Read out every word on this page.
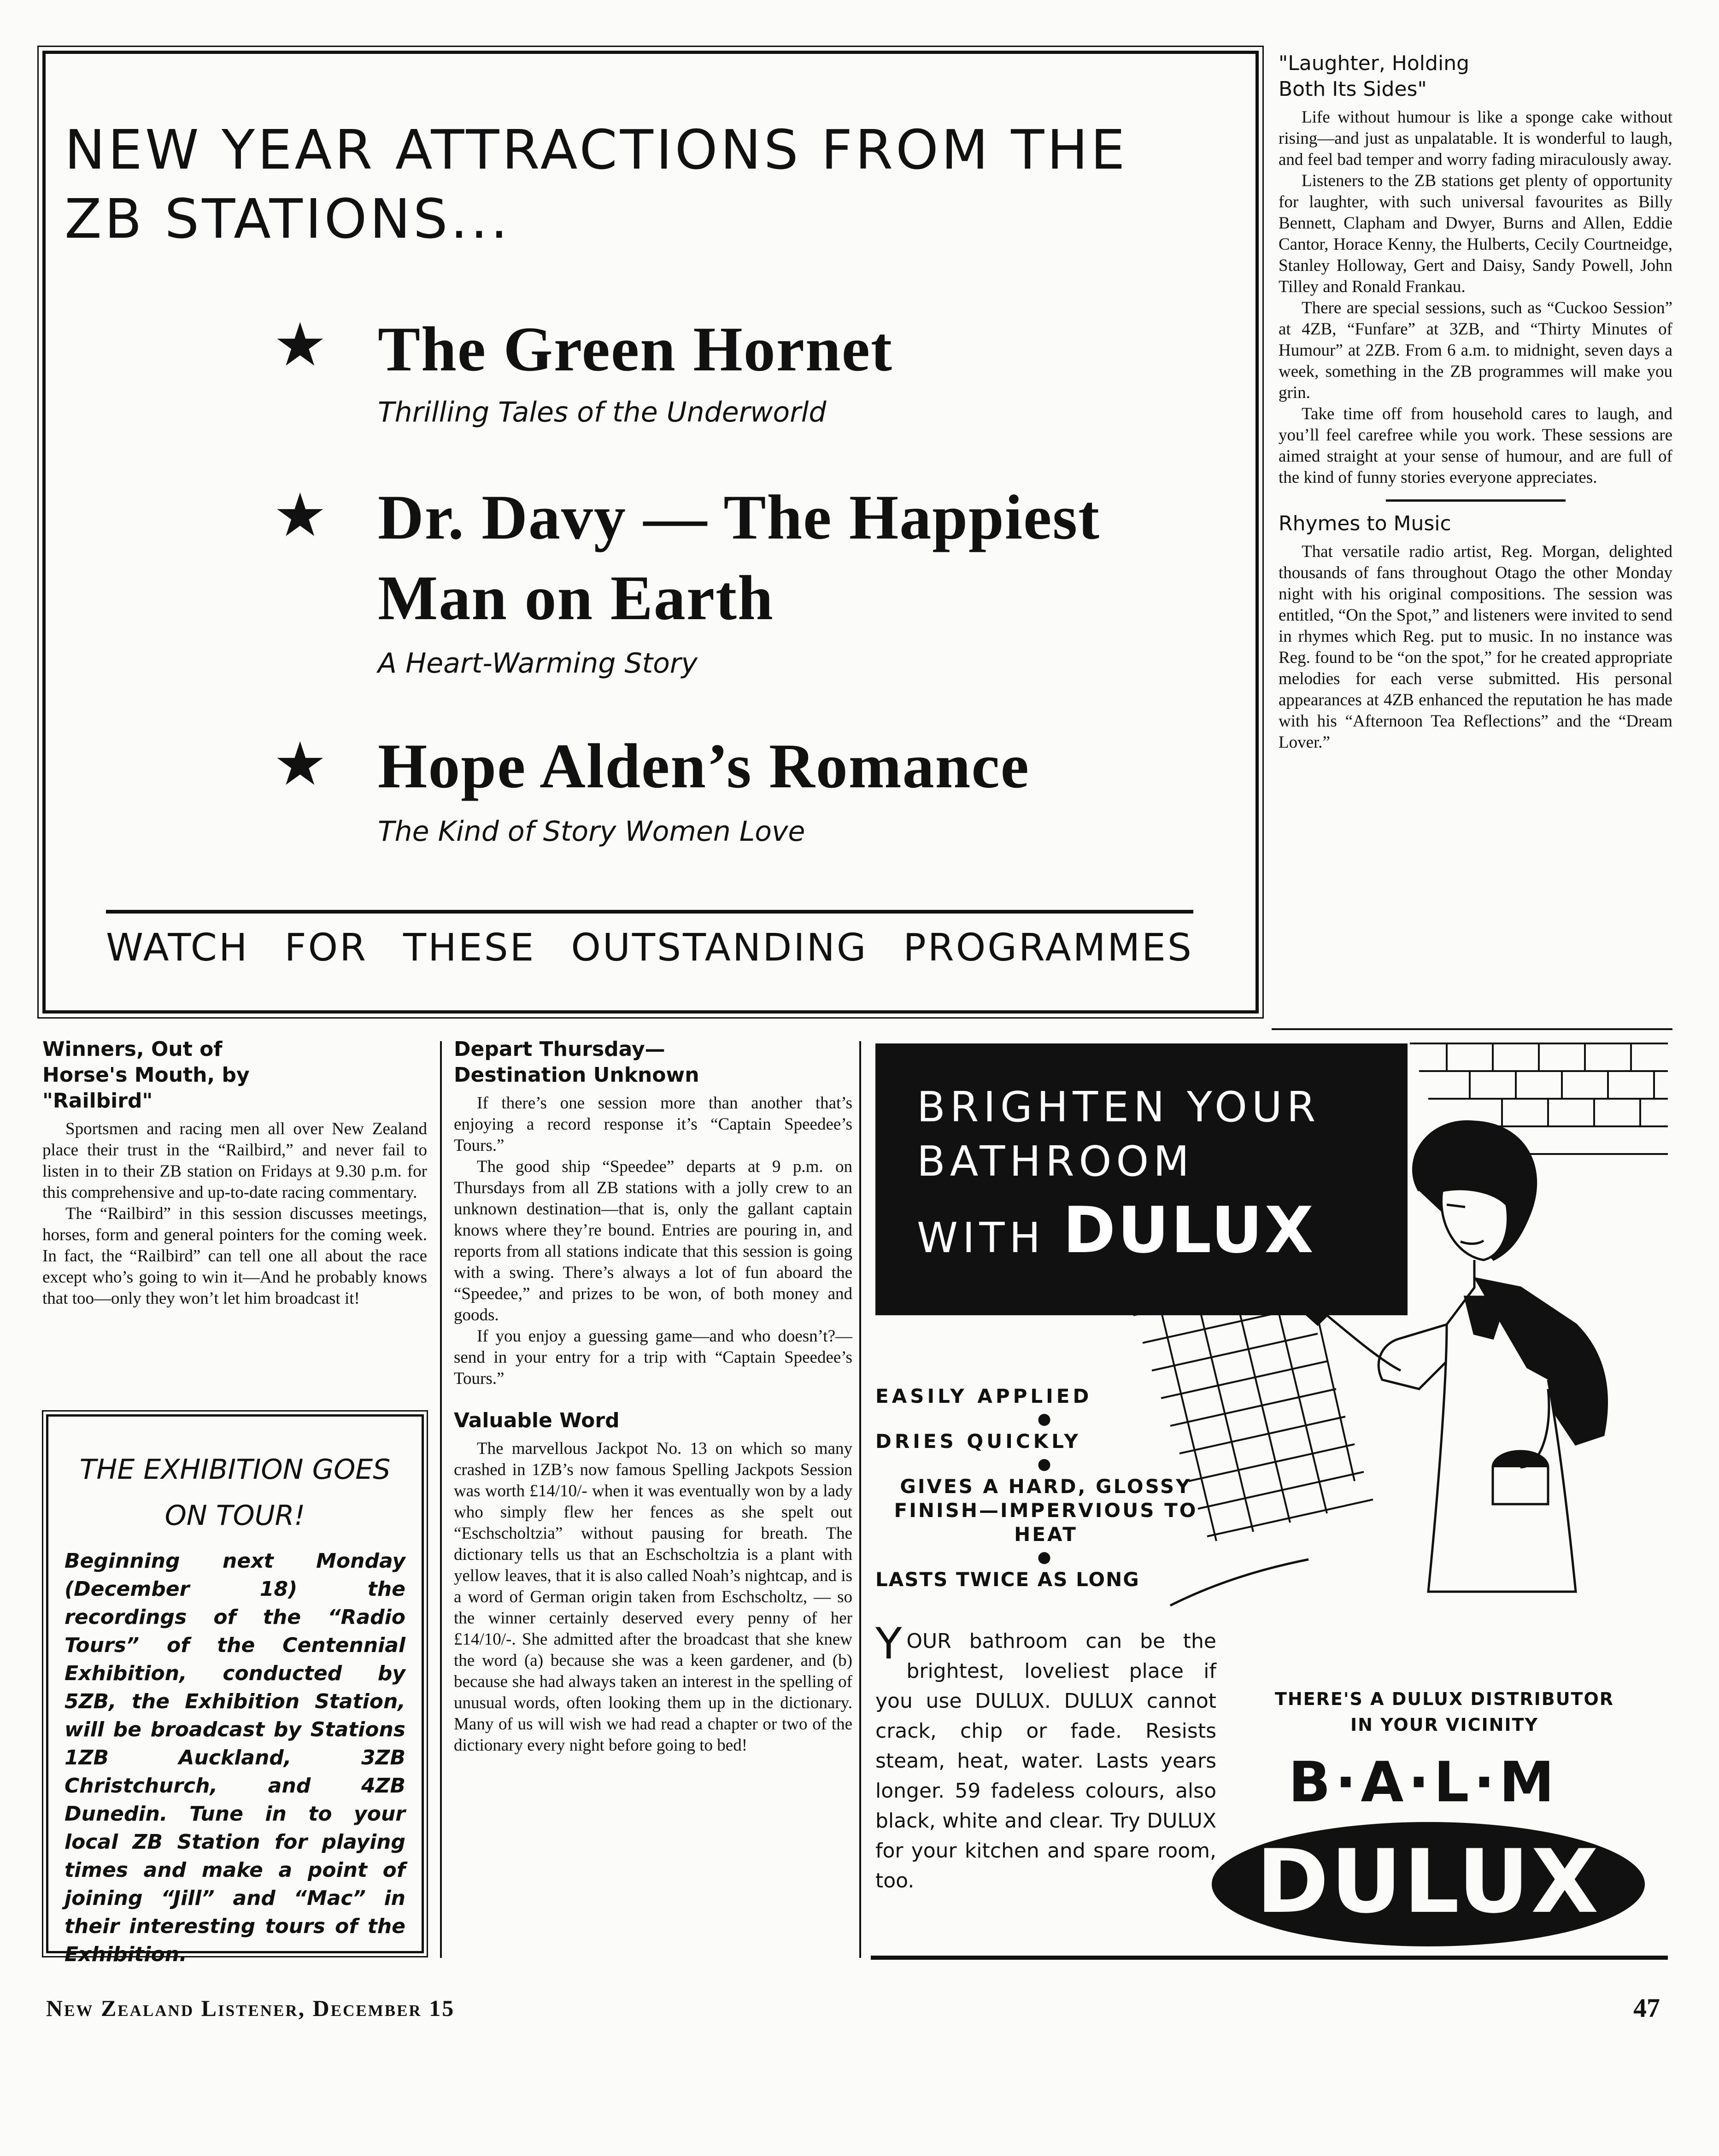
NEW YEAR ATTRACTIONS FROM THE
ZB STATIONS...
★ The Green Hornet
Thrilling Tales of the Underworld
★ Dr. Davy — The Happiest
Man on Earth
A Heart-Warming Story
★ Hope Alden’s Romance
The Kind of Story Women Love
WATCH FOR THESE OUTSTANDING PROGRAMMES
"Laughter, Holding
Both Its Sides"

Life without humour is like a sponge cake without rising—and just as unpalatable. It is wonderful to laugh, and feel bad temper and worry fading miraculously away.

Listeners to the ZB stations get plenty of opportunity for laughter, with such universal favourites as Billy Bennett, Clapham and Dwyer, Burns and Allen, Eddie Cantor, Horace Kenny, the Hulberts, Cecily Courtneidge, Stanley Holloway, Gert and Daisy, Sandy Powell, John Tilley and Ronald Frankau.

There are special sessions, such as “Cuckoo Session” at 4ZB, “Funfare” at 3ZB, and “Thirty Minutes of Humour” at 2ZB. From 6 a.m. to midnight, seven days a week, something in the ZB programmes will make you grin.

Take time off from household cares to laugh, and you’ll feel carefree while you work. These sessions are aimed straight at your sense of humour, and are full of the kind of funny stories everyone appreciates.

Rhymes to Music

That versatile radio artist, Reg. Morgan, delighted thousands of fans throughout Otago the other Monday night with his original compositions. The session was entitled, “On the Spot,” and listeners were invited to send in rhymes which Reg. put to music. In no instance was Reg. found to be “on the spot,” for he created appropriate melodies for each verse submitted. His personal appearances at 4ZB enhanced the reputation he has made with his “Afternoon Tea Reflections” and the “Dream Lover.”

Winners, Out of
Horse's Mouth, by
"Railbird"

Sportsmen and racing men all over New Zealand place their trust in the “Railbird,” and never fail to listen in to their ZB station on Fridays at 9.30 p.m. for this comprehensive and up-to-date racing commentary.

The “Railbird” in this session discusses meetings, horses, form and general pointers for the coming week. In fact, the “Railbird” can tell one all about the race except who’s going to win it—And he probably knows that too—only they won’t let him broadcast it!

THE EXHIBITION GOES
ON TOUR!
Beginning next Monday (December 18) the recordings of the “Radio Tours” of the Centennial Exhibition, conducted by 5ZB, the Exhibition Station, will be broadcast by Stations 1ZB Auckland, 3ZB Christchurch, and 4ZB Dunedin. Tune in to your local ZB Station for playing times and make a point of joining “Jill” and “Mac” in their interesting tours of the Exhibition.
Depart Thursday—
Destination Unknown

If there’s one session more than another that’s enjoying a record response it’s “Captain Speedee’s Tours.”

The good ship “Speedee” departs at 9 p.m. on Thursdays from all ZB stations with a jolly crew to an unknown destination—that is, only the gallant captain knows where they’re bound. Entries are pouring in, and reports from all stations indicate that this session is going with a swing. There’s always a lot of fun aboard the “Speedee,” and prizes to be won, of both money and goods.

If you enjoy a guessing game—and who doesn’t?—send in your entry for a trip with “Captain Speedee’s Tours.”

Valuable Word

The marvellous Jackpot No. 13 on which so many crashed in 1ZB’s now famous Spelling Jackpots Session was worth £14/10/- when it was eventually won by a lady who simply flew her fences as she spelt out “Eschscholtzia” without pausing for breath. The dictionary tells us that an Eschscholtzia is a plant with yellow leaves, that it is also called Noah’s nightcap, and is a word of German origin taken from Eschscholtz, — so the winner certainly deserved every penny of her £14/10/-. She admitted after the broadcast that she knew the word (a) because she was a keen gardener, and (b) because she had always taken an interest in the spelling of unusual words, often looking them up in the dictionary. Many of us will wish we had read a chapter or two of the dictionary every night before going to bed!

BRIGHTEN YOUR
BATHROOM
WITH DULUX
EASILY APPLIED
●
DRIES QUICKLY
●
GIVES A HARD, GLOSSY FINISH—IMPERVIOUS TO HEAT
●
LASTS TWICE AS LONG
YOUR bathroom can be the brightest, loveliest place if you use DULUX. DULUX cannot crack, chip or fade. Resists steam, heat, water. Lasts years longer. 59 fadeless colours, also black, white and clear. Try DULUX for your kitchen and spare room, too.
THERE'S A DULUX DISTRIBUTOR
IN YOUR VICINITY
B·A·L·M
DULUX
New Zealand Listener, December 15	47
